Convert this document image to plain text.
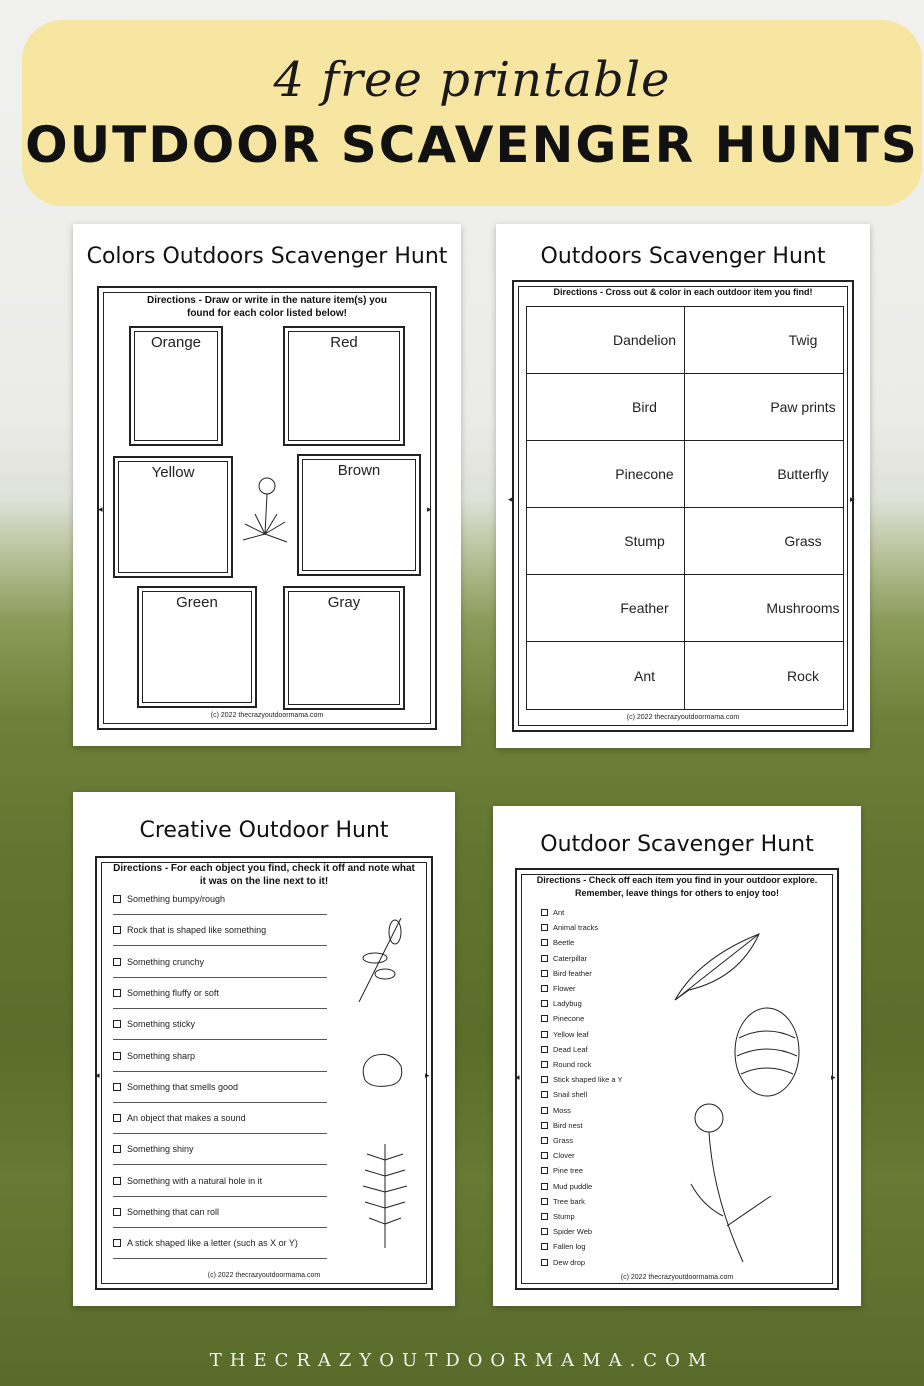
4 free printable
OUTDOOR SCAVENGER HUNTS
Colors Outdoors Scavenger Hunt
Directions - Draw or write in the nature item(s) you found for each color listed below!
◂	▸
Orange	Red
Yellow	Brown
Green	Gray
(c) 2022 thecrazyoutdoormama.com
Outdoors Scavenger Hunt
Directions - Cross out & color in each outdoor item you find!
◂	▸
Dandelion	Twig
Bird	Paw prints
Pinecone	Butterfly
Stump	Grass
Feather	Mushrooms
Ant	Rock
(c) 2022 thecrazyoutdoormama.com
Creative Outdoor Hunt
Directions - For each object you find, check it off and note what it was on the line next to it!
◂	▸
Something bumpy/rough
Rock that is shaped like something
Something crunchy
Something fluffy or soft
Something sticky
Something sharp
Something that smells good
An object that makes a sound
Something shiny
Something with a natural hole in it
Something that can roll
A stick shaped like a letter (such as X or Y)
(c) 2022 thecrazyoutdoormama.com
Outdoor Scavenger Hunt
Directions - Check off each item you find in your outdoor explore. Remember, leave things for others to enjoy too!
◂	▸
Ant
Animal tracks
Beetle
Caterpillar
Bird feather
Flower
Ladybug
Pinecone
Yellow leaf
Dead Leaf
Round rock
Stick shaped like a Y
Snail shell
Moss
Bird nest
Grass
Clover
Pine tree
Mud puddle
Tree bark
Stump
Spider Web
Fallen log
Dew drop
(c) 2022 thecrazyoutdoormama.com
THECRAZYOUTDOORMAMA.COM
